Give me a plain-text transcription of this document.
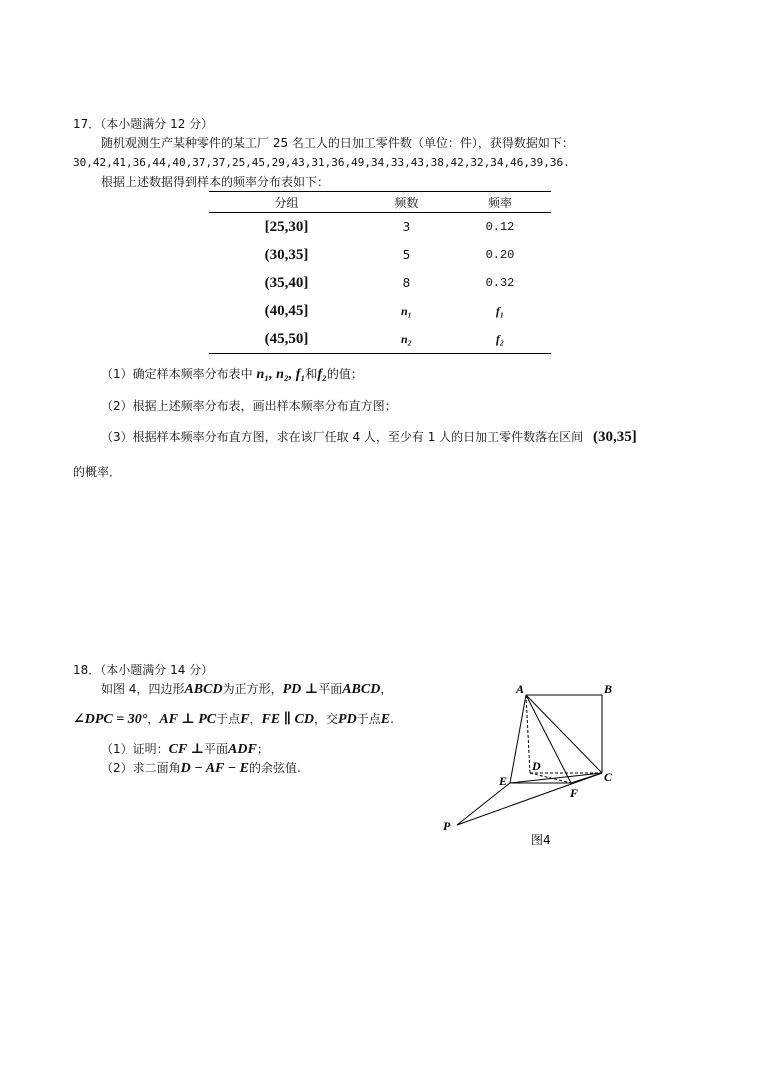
17．（本小题满分 12 分）
随机观测生产某种零件的某工厂 25 名工人的日加工零件数（单位：件），获得数据如下：
30,42,41,36,44,40,37,37,25,45,29,43,31,36,49,34,33,43,38,42,32,34,46,39,36.
根据上述数据得到样本的频率分布表如下：
分组	频数	频率
[25,30]	3	0.12
(30,35]	5	0.20
(35,40]	8	0.32
(40,45]	n₁	f₁
(45,50]	n₂	f₂
（1）确定样本频率分布表中 n₁, n₂, f₁和f₂的值；
（2）根据上述频率分布表，画出样本频率分布直方图；
（3）根据样本频率分布直方图，求在该厂任取 4 人，至少有 1 人的日加工零件数落在区间 (30,35]
的概率．
18．（本小题满分 14 分）
如图 4，四边形ABCD为正方形，PD ⊥平面ABCD，
∠DPC = 30°，AF ⊥ PC于点F，FE ∥ CD，交PD于点E.
（1）证明：CF ⊥平面ADF；
（2）求二面角D − AF − E的余弦值.
A	B
C
D
E
F
P
图4
